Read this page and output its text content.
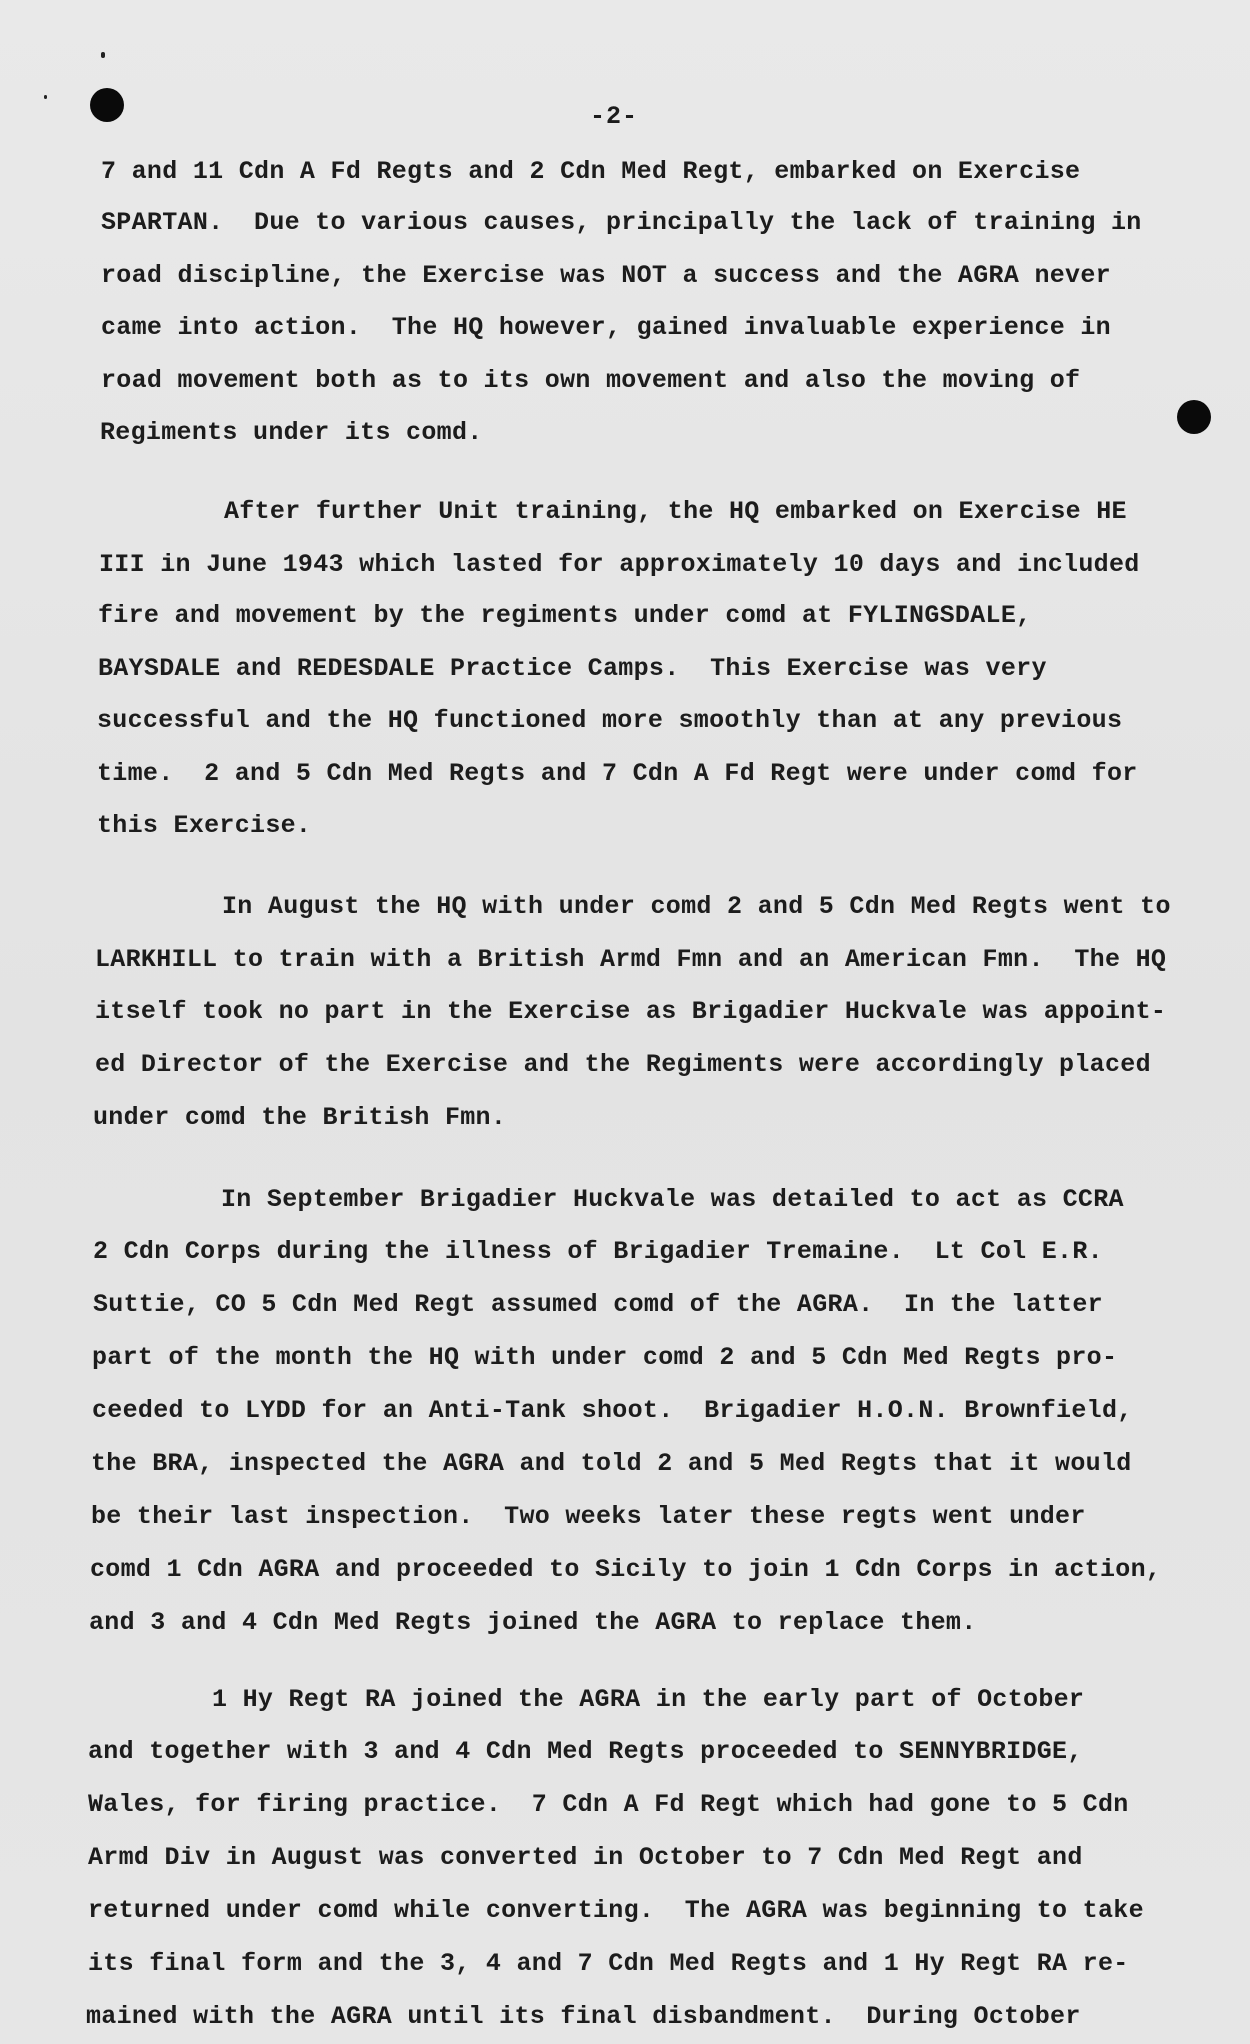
-2-
7 and 11 Cdn A Fd Regts and 2 Cdn Med Regt, embarked on Exercise
SPARTAN.  Due to various causes, principally the lack of training in
road discipline, the Exercise was NOT a success and the AGRA never
came into action.  The HQ however, gained invaluable experience in
road movement both as to its own movement and also the moving of
Regiments under its comd.
After further Unit training, the HQ embarked on Exercise HE
III in June 1943 which lasted for approximately 10 days and included
fire and movement by the regiments under comd at FYLINGSDALE,
BAYSDALE and REDESDALE Practice Camps.  This Exercise was very
successful and the HQ functioned more smoothly than at any previous
time.  2 and 5 Cdn Med Regts and 7 Cdn A Fd Regt were under comd for
this Exercise.
In August the HQ with under comd 2 and 5 Cdn Med Regts went to
LARKHILL to train with a British Armd Fmn and an American Fmn.  The HQ
itself took no part in the Exercise as Brigadier Huckvale was appoint-
ed Director of the Exercise and the Regiments were accordingly placed
under comd the British Fmn.
In September Brigadier Huckvale was detailed to act as CCRA
2 Cdn Corps during the illness of Brigadier Tremaine.  Lt Col E.R.
Suttie, CO 5 Cdn Med Regt assumed comd of the AGRA.  In the latter
part of the month the HQ with under comd 2 and 5 Cdn Med Regts pro-
ceeded to LYDD for an Anti-Tank shoot.  Brigadier H.O.N. Brownfield,
the BRA, inspected the AGRA and told 2 and 5 Med Regts that it would
be their last inspection.  Two weeks later these regts went under
comd 1 Cdn AGRA and proceeded to Sicily to join 1 Cdn Corps in action,
and 3 and 4 Cdn Med Regts joined the AGRA to replace them.
1 Hy Regt RA joined the AGRA in the early part of October
and together with 3 and 4 Cdn Med Regts proceeded to SENNYBRIDGE,
Wales, for firing practice.  7 Cdn A Fd Regt which had gone to 5 Cdn
Armd Div in August was converted in October to 7 Cdn Med Regt and
returned under comd while converting.  The AGRA was beginning to take
its final form and the 3, 4 and 7 Cdn Med Regts and 1 Hy Regt RA re-
mained with the AGRA until its final disbandment.  During October
